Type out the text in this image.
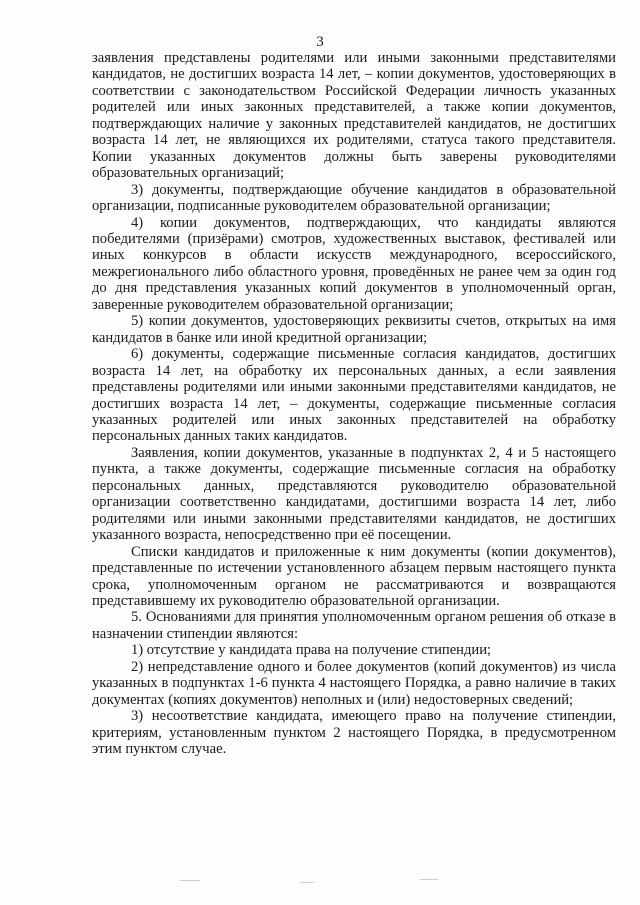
3

заявления представлены родителями или иными законными представителями кандидатов, не достигших возраста 14 лет, – копии документов, удостоверяющих в соответствии с законодательством Российской Федерации личность указанных родителей или иных законных представителей, а также копии документов, подтверждающих наличие у законных представителей кандидатов, не достигших возраста 14 лет, не являющихся их родителями, статуса такого представителя. Копии указанных документов должны быть заверены руководителями образовательных организаций;

3) документы, подтверждающие обучение кандидатов в образовательной организации, подписанные руководителем образовательной организации;

4) копии документов, подтверждающих, что кандидаты являются победителями (призёрами) смотров, художественных выставок, фестивалей или иных конкурсов в области искусств международного, всероссийского, межрегионального либо областного уровня, проведённых не ранее чем за один год до дня представления указанных копий документов в уполномоченный орган, заверенные руководителем образовательной организации;

5) копии документов, удостоверяющих реквизиты счетов, открытых на имя кандидатов в банке или иной кредитной организации;

6) документы, содержащие письменные согласия кандидатов, достигших возраста 14 лет, на обработку их персональных данных, а если заявления представлены родителями или иными законными представителями кандидатов, не достигших возраста 14 лет, – документы, содержащие письменные согласия указанных родителей или иных законных представителей на обработку персональных данных таких кандидатов.

Заявления, копии документов, указанные в подпунктах 2, 4 и 5 настоящего пункта, а также документы, содержащие письменные согласия на обработку персональных данных, представляются руководителю образовательной организации соответственно кандидатами, достигшими возраста 14 лет, либо родителями или иными законными представителями кандидатов, не достигших указанного возраста, непосредственно при её посещении.

Списки кандидатов и приложенные к ним документы (копии документов), представленные по истечении установленного абзацем первым настоящего пункта срока, уполномоченным органом не рассматриваются и возвращаются представившему их руководителю образовательной организации.

5. Основаниями для принятия уполномоченным органом решения об отказе в назначении стипендии являются:

1) отсутствие у кандидата права на получение стипендии;

2) непредставление одного и более документов (копий документов) из числа указанных в подпунктах 1-6 пункта 4 настоящего Порядка, а равно наличие в таких документах (копиях документов) неполных и (или) недостоверных сведений;

3) несоответствие кандидата, имеющего право на получение стипендии, критериям, установленным пунктом 2 настоящего Порядка, в предусмотренном этим пунктом случае.
